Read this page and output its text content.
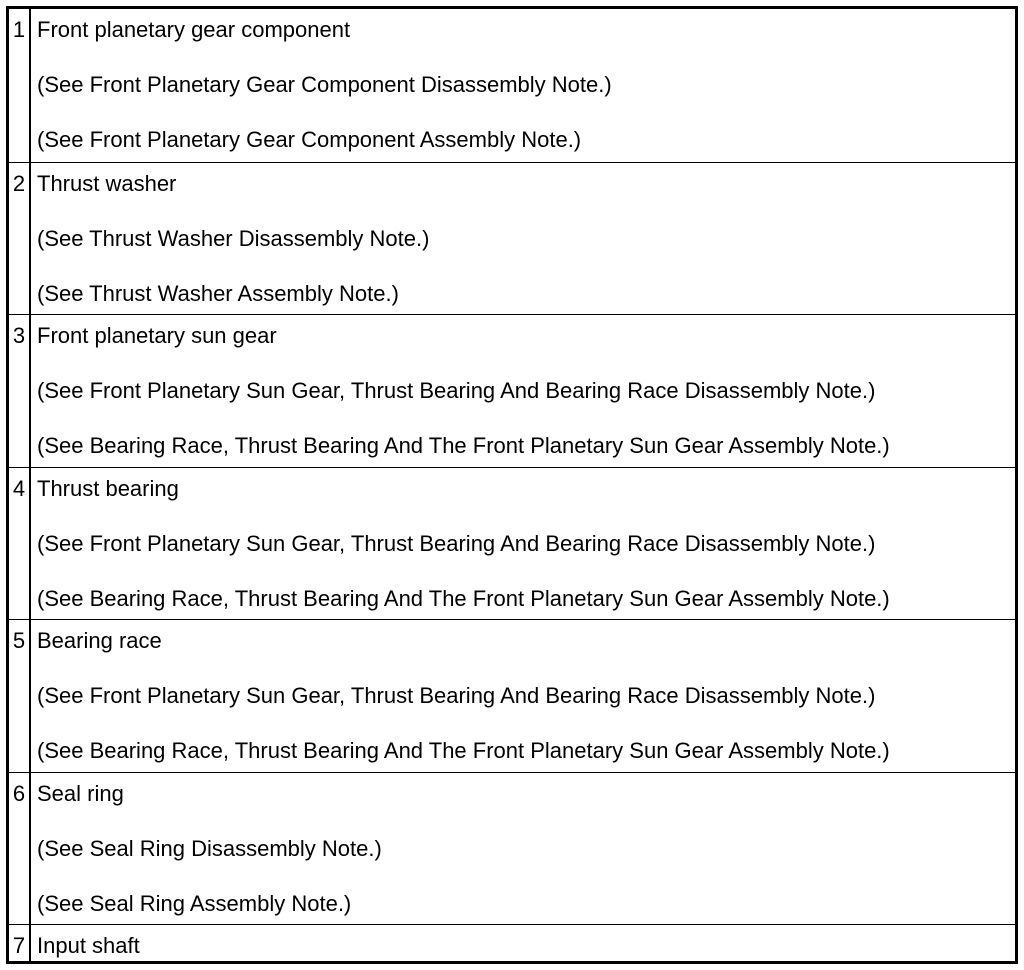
1 Front planetary gear component
(See Front Planetary Gear Component Disassembly Note.)
(See Front Planetary Gear Component Assembly Note.)
2 Thrust washer
(See Thrust Washer Disassembly Note.)
(See Thrust Washer Assembly Note.)
3 Front planetary sun gear
(See Front Planetary Sun Gear, Thrust Bearing And Bearing Race Disassembly Note.)
(See Bearing Race, Thrust Bearing And The Front Planetary Sun Gear Assembly Note.)
4 Thrust bearing
(See Front Planetary Sun Gear, Thrust Bearing And Bearing Race Disassembly Note.)
(See Bearing Race, Thrust Bearing And The Front Planetary Sun Gear Assembly Note.)
5 Bearing race
(See Front Planetary Sun Gear, Thrust Bearing And Bearing Race Disassembly Note.)
(See Bearing Race, Thrust Bearing And The Front Planetary Sun Gear Assembly Note.)
6 Seal ring
(See Seal Ring Disassembly Note.)
(See Seal Ring Assembly Note.)
7 Input shaft
